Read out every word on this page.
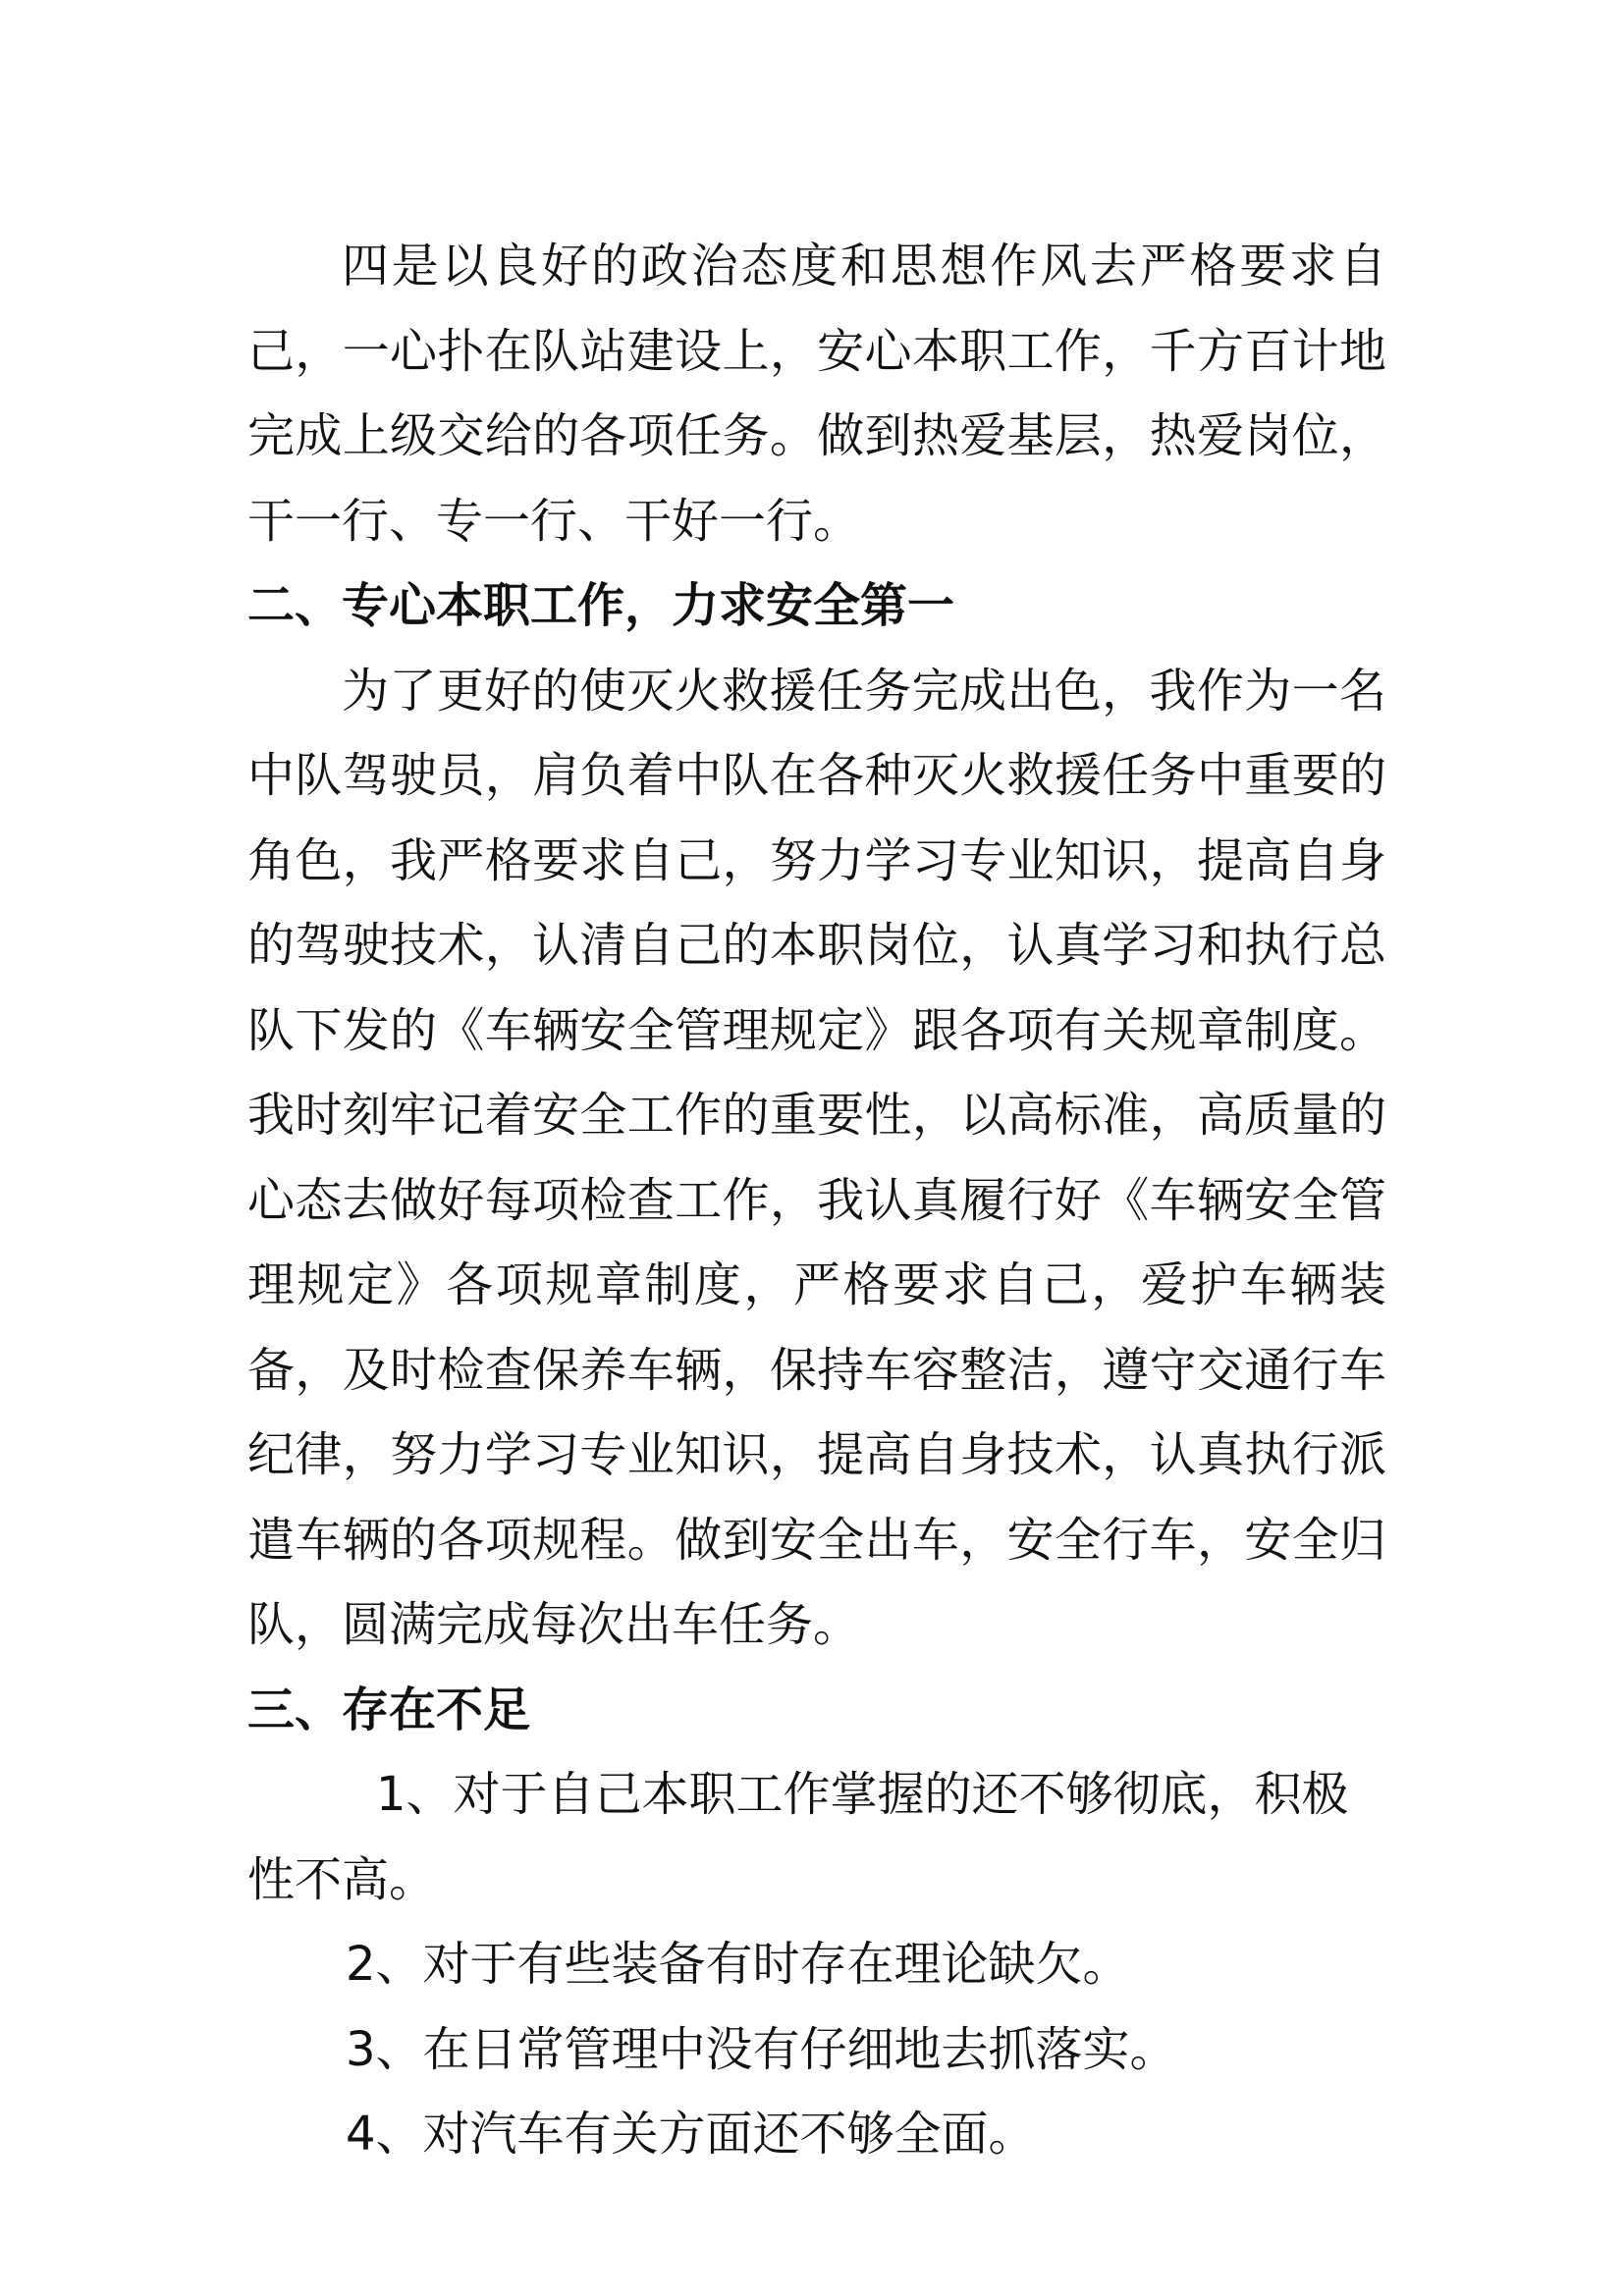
四是以良好的政治态度和思想作风去严格要求自己，一心扑在队站建设上，安心本职工作，千方百计地完成上级交给的各项任务。做到热爱基层，热爱岗位，干一行、专一行、干好一行。

二、专心本职工作，力求安全第一

为了更好的使灭火救援任务完成出色，我作为一名中队驾驶员，肩负着中队在各种灭火救援任务中重要的角色，我严格要求自己，努力学习专业知识，提高自身的驾驶技术，认清自己的本职岗位，认真学习和执行总队下发的《车辆安全管理规定》跟各项有关规章制度。我时刻牢记着安全工作的重要性，以高标准，高质量的心态去做好每项检查工作，我认真履行好《车辆安全管理规定》各项规章制度，严格要求自己，爱护车辆装备，及时检查保养车辆，保持车容整洁，遵守交通行车纪律，努力学习专业知识，提高自身技术，认真执行派遣车辆的各项规程。做到安全出车，安全行车，安全归队，圆满完成每次出车任务。

三、存在不足

1、对于自己本职工作掌握的还不够彻底，积极性不高。

2、对于有些装备有时存在理论缺欠。

3、在日常管理中没有仔细地去抓落实。

4、对汽车有关方面还不够全面。
